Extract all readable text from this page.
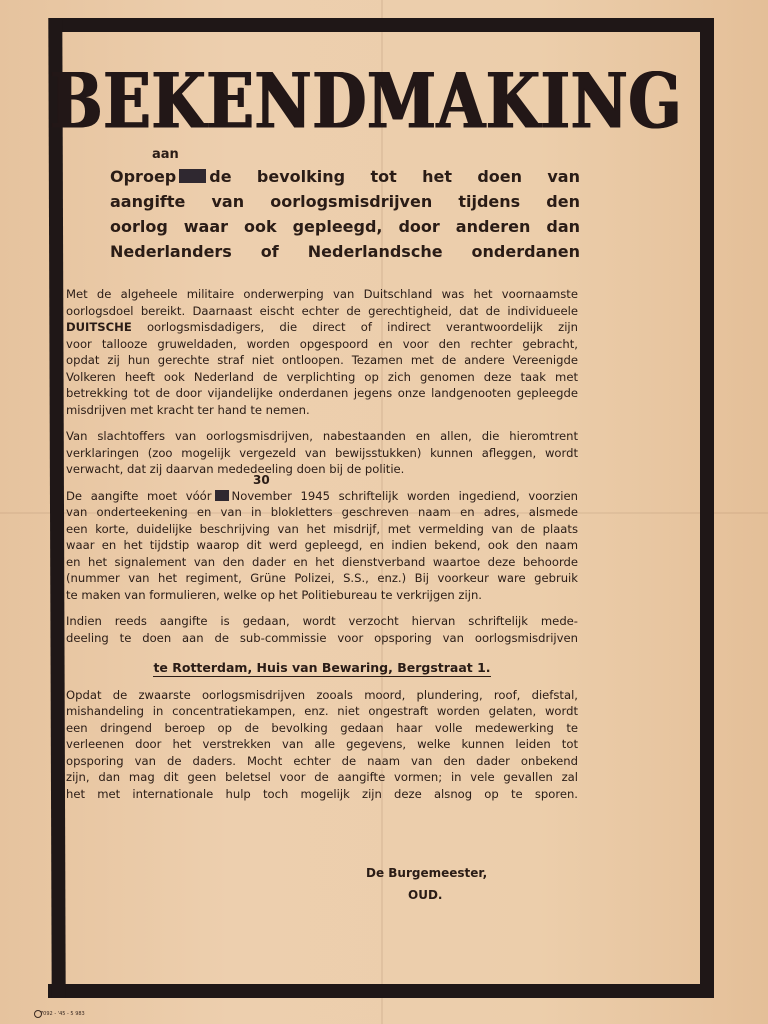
BEKENDMAKING
aan
Oproep de bevolking tot het doen van
aangifte van oorlogsmisdrijven tijdens den
oorlog waar ook gepleegd, door anderen dan
Nederlanders of Nederlandsche onderdanen

Met de algeheele militaire onderwerping van Duitschland was het voornaamste
oorlogsdoel bereikt. Daarnaast eischt echter de gerechtigheid, dat de individueele
DUITSCHE oorlogsmisdadigers, die direct of indirect verantwoordelijk zijn
voor tallooze gruweldaden, worden opgespoord en voor den rechter gebracht,
opdat zij hun gerechte straf niet ontloopen. Tezamen met de andere Vereenigde
Volkeren heeft ook Nederland de verplichting op zich genomen deze taak met
betrekking tot de door vijandelijke onderdanen jegens onze landgenooten gepleegde
misdrijven met kracht ter hand te nemen.

Van slachtoffers van oorlogsmisdrijven, nabestaanden en allen, die hieromtrent
verklaringen (zoo mogelijk vergezeld van bewijsstukken) kunnen afleggen, wordt
verwacht, dat zij daarvan mededeeling doen bij de politie.

30
De aangifte moet vóór November 1945 schriftelijk worden ingediend, voorzien
van onderteekening en van in blokletters geschreven naam en adres, alsmede
een korte, duidelijke beschrijving van het misdrijf, met vermelding van de plaats
waar en het tijdstip waarop dit werd gepleegd, en indien bekend, ook den naam
en het signalement van den dader en het dienstverband waartoe deze behoorde
(nummer van het regiment, Grüne Polizei, S.S., enz.) Bij voorkeur ware gebruik
te maken van formulieren, welke op het Politiebureau te verkrijgen zijn.

Indien reeds aangifte is gedaan, wordt verzocht hiervan schriftelijk mede-
deeling te doen aan de sub-commissie voor opsporing van oorlogsmisdrijven

te Rotterdam, Huis van Bewaring, Bergstraat 1.

Opdat de zwaarste oorlogsmisdrijven zooals moord, plundering, roof, diefstal,
mishandeling in concentratiekampen, enz. niet ongestraft worden gelaten, wordt
een dringend beroep op de bevolking gedaan haar volle medewerking te
verleenen door het verstrekken van alle gegevens, welke kunnen leiden tot
opsporing van de daders. Mocht echter de naam van den dader onbekend
zijn, dan mag dit geen beletsel voor de aangifte vormen; in vele gevallen zal
het met internationale hulp toch mogelijk zijn deze alsnog op te sporen.

De Burgemeester,
OUD.
7092 - '45 - 5 983
